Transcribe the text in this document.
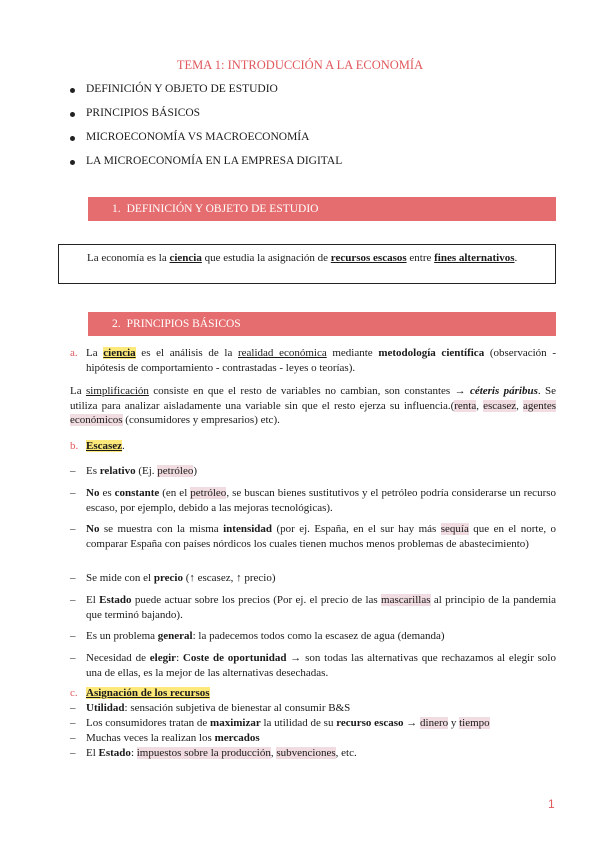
TEMA 1: INTRODUCCIÓN A LA ECONOMÍA
DEFINICIÓN Y OBJETO DE ESTUDIO
PRINCIPIOS BÁSICOS
MICROECONOMÍA VS MACROECONOMÍA
LA MICROECONOMÍA EN LA EMPRESA DIGITAL
1. DEFINICIÓN Y OBJETO DE ESTUDIO
La economía es la ciencia que estudia la asignación de recursos escasos entre fines alternativos.
2. PRINCIPIOS BÁSICOS
a. La ciencia es el análisis de la realidad económica mediante metodología científica (observación - hipótesis de comportamiento - contrastadas - leyes o teorías).
La simplificación consiste en que el resto de variables no cambian, son constantes → céteris páribus. Se utiliza para analizar aisladamente una variable sin que el resto ejerza su influencia.(renta, escasez, agentes económicos (consumidores y empresarios) etc).
b. Escasez.
– Es relativo (Ej. petróleo)
– No es constante (en el petróleo, se buscan bienes sustitutivos y el petróleo podría considerarse un recurso escaso, por ejemplo, debido a las mejoras tecnológicas).
– No se muestra con la misma intensidad (por ej. España, en el sur hay más sequía que en el norte, o comparar España con países nórdicos los cuales tienen muchos menos problemas de abastecimiento)
– Se mide con el precio (↑ escasez, ↑ precio)
– El Estado puede actuar sobre los precios (Por ej. el precio de las mascarillas al principio de la pandemia que terminó bajando).
– Es un problema general: la padecemos todos como la escasez de agua (demanda)
– Necesidad de elegir: Coste de oportunidad → son todas las alternativas que rechazamos al elegir solo una de ellas, es la mejor de las alternativas desechadas.
c. Asignación de los recursos
– Utilidad: sensación subjetiva de bienestar al consumir B&S
– Los consumidores tratan de maximizar la utilidad de su recurso escaso → dinero y tiempo
– Muchas veces la realizan los mercados
– El Estado: impuestos sobre la producción, subvenciones, etc.
1
